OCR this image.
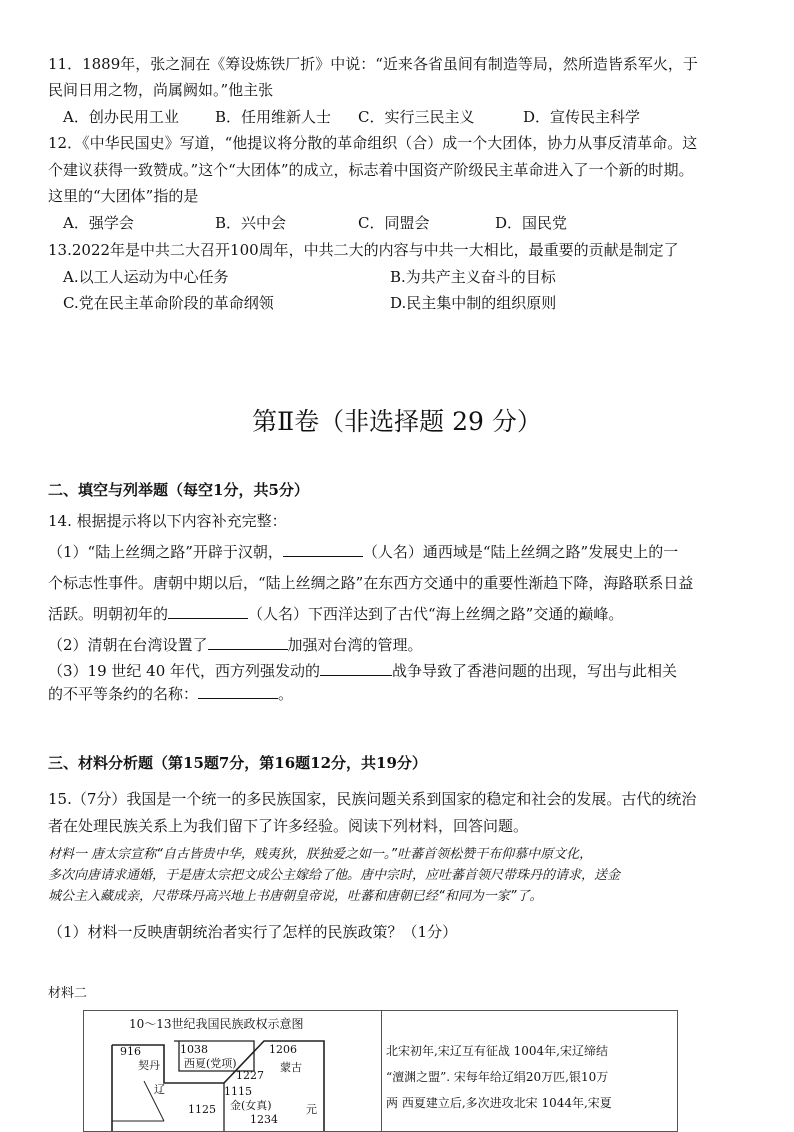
11．1889年，张之洞在《筹设炼铁厂折》中说：“近来各省虽间有制造等局，然所造皆系军火，于
民间日用之物，尚属阙如。”他主张
A．创办民用工业 B．任用维新人士 C．实行三民主义	D．宣传民主科学
12．《中华民国史》写道，“他提议将分散的革命组织（合）成一个大团体，协力从事反清革命。这
个建议获得一致赞成。”这个“大团体”的成立，标志着中国资产阶级民主革命进入了一个新的时期。
这里的“大团体”指的是
A．强学会	B．兴中会	C．同盟会	D．国民党
13.2022年是中共二大召开100周年，中共二大的内容与中共一大相比，最重要的贡献是制定了
A.以工人运动为中心任务	B.为共产主义奋斗的目标
C.党在民主革命阶段的革命纲领	D.民主集中制的组织原则
第Ⅱ卷（非选择题 29 分）
二、填空与列举题（每空1分，共5分）
14. 根据提示将以下内容补充完整：
（1）“陆上丝绸之路”开辟于汉朝，	（人名）通西域是“陆上丝绸之路”发展史上的一
个标志性事件。唐朝中期以后，“陆上丝绸之路”在东西方交通中的重要性渐趋下降，海路联系日益
活跃。明朝初年的	（人名）下西洋达到了古代“海上丝绸之路”交通的巅峰。
（2）清朝在台湾设置了	加强对台湾的管理。
（3）19 世纪 40 年代，西方列强发动的	战争导致了香港问题的出现，写出与此相关
的不平等条约的名称：	。
三、材料分析题（第15题7分，第16题12分，共19分）
15.（7分）我国是一个统一的多民族国家，民族问题关系到国家的稳定和社会的发展。古代的统治
者在处理民族关系上为我们留下了许多经验。阅读下列材料，回答问题。
材料一 唐太宗宣称“自古皆贵中华，贱夷狄，朕独爱之如一。”吐蕃首领松赞干布仰慕中原文化，
多次向唐请求通婚，于是唐太宗把文成公主嫁给了他。唐中宗时，应吐蕃首领尺带珠丹的请求，送金
城公主入藏成亲，尺带珠丹高兴地上书唐朝皇帝说，吐蕃和唐朝已经“和同为一家”了。
（1）材料一反映唐朝统治者实行了怎样的民族政策？（1分）
材料二
10～13世纪我国民族政权示意图
916
契丹
辽
1038
西夏(党项)
1227
1206
蒙古
1115
金(女真)
1125
1234
元
北宋初年,宋辽互有征战 1004年,宋辽缔结
“澶渊之盟”. 宋每年给辽绢20万匹,银10万
两 西夏建立后,多次进攻北宋 1044年,宋夏
